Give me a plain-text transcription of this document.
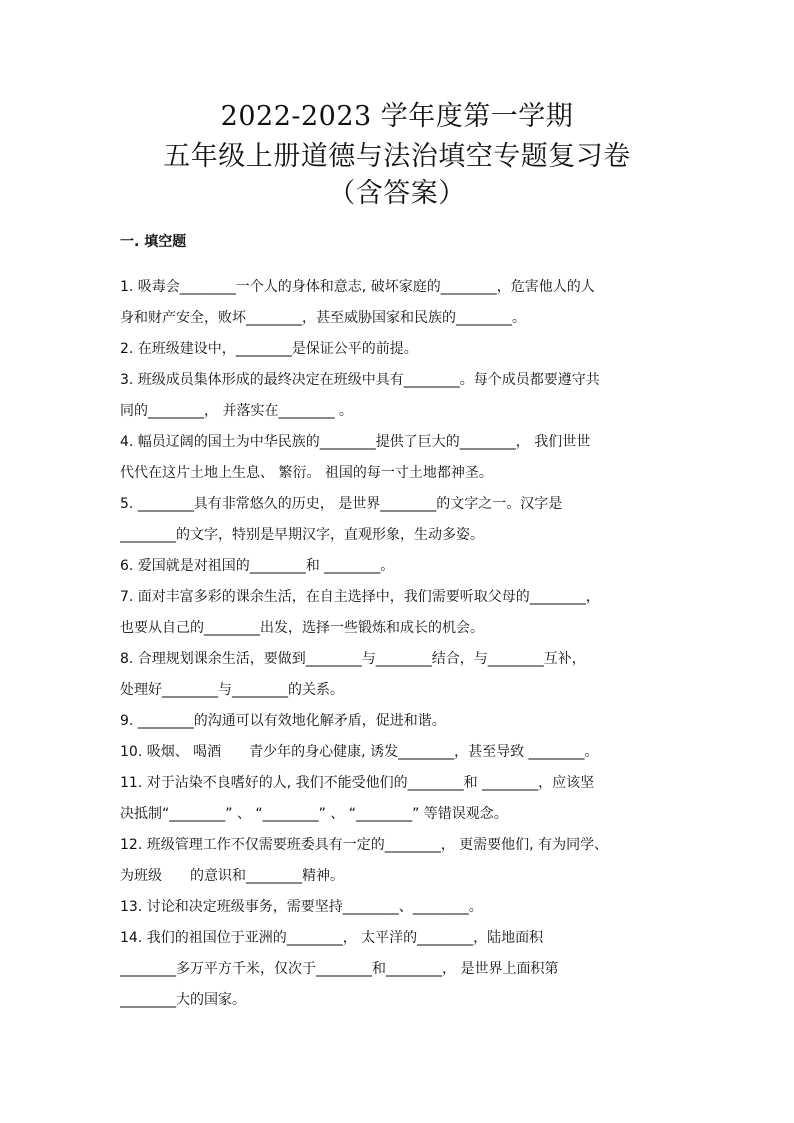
2022-2023 学年度第一学期
五年级上册道德与法治填空专题复习卷
（含答案）
一. 填空题
1. 吸毒会________一个人的身体和意志, 破坏家庭的________，危害他人的人
身和财产安全，败坏________，甚至威胁国家和民族的________。
2. 在班级建设中，________是保证公平的前提。
3. 班级成员集体形成的最终决定在班级中具有________。每个成员都要遵守共
同的________， 并落实在________ 。
4. 幅员辽阔的国土为中华民族的________提供了巨大的________， 我们世世
代代在这片土地上生息、 繁衍。 祖国的每一寸土地都神圣。
5. ________具有非常悠久的历史， 是世界________的文字之一。汉字是
________的文字，特别是早期汉字，直观形象，生动多姿。
6. 爱国就是对祖国的________和 ________。
7. 面对丰富多彩的课余生活，在自主选择中，我们需要听取父母的________，
也要从自己的________出发，选择一些锻炼和成长的机会。
8. 合理规划课余生活，要做到________与________结合，与________互补，
处理好________与________的关系。
9. ________的沟通可以有效地化解矛盾，促进和谐。
10. 吸烟、 喝酒　　青少年的身心健康, 诱发________，甚至导致 ________。
11. 对于沾染不良嗜好的人, 我们不能受他们的________和 ________，应该坚
决抵制“________” 、 “________” 、 “________” 等错误观念。
12. 班级管理工作不仅需要班委具有一定的________， 更需要他们, 有为同学、
为班级　　的意识和________精神。
13. 讨论和决定班级事务，需要坚持________、________。
14. 我们的祖国位于亚洲的________， 太平洋的________，陆地面积
________多万平方千米，仅次于________和________， 是世界上面积第
________大的国家。
